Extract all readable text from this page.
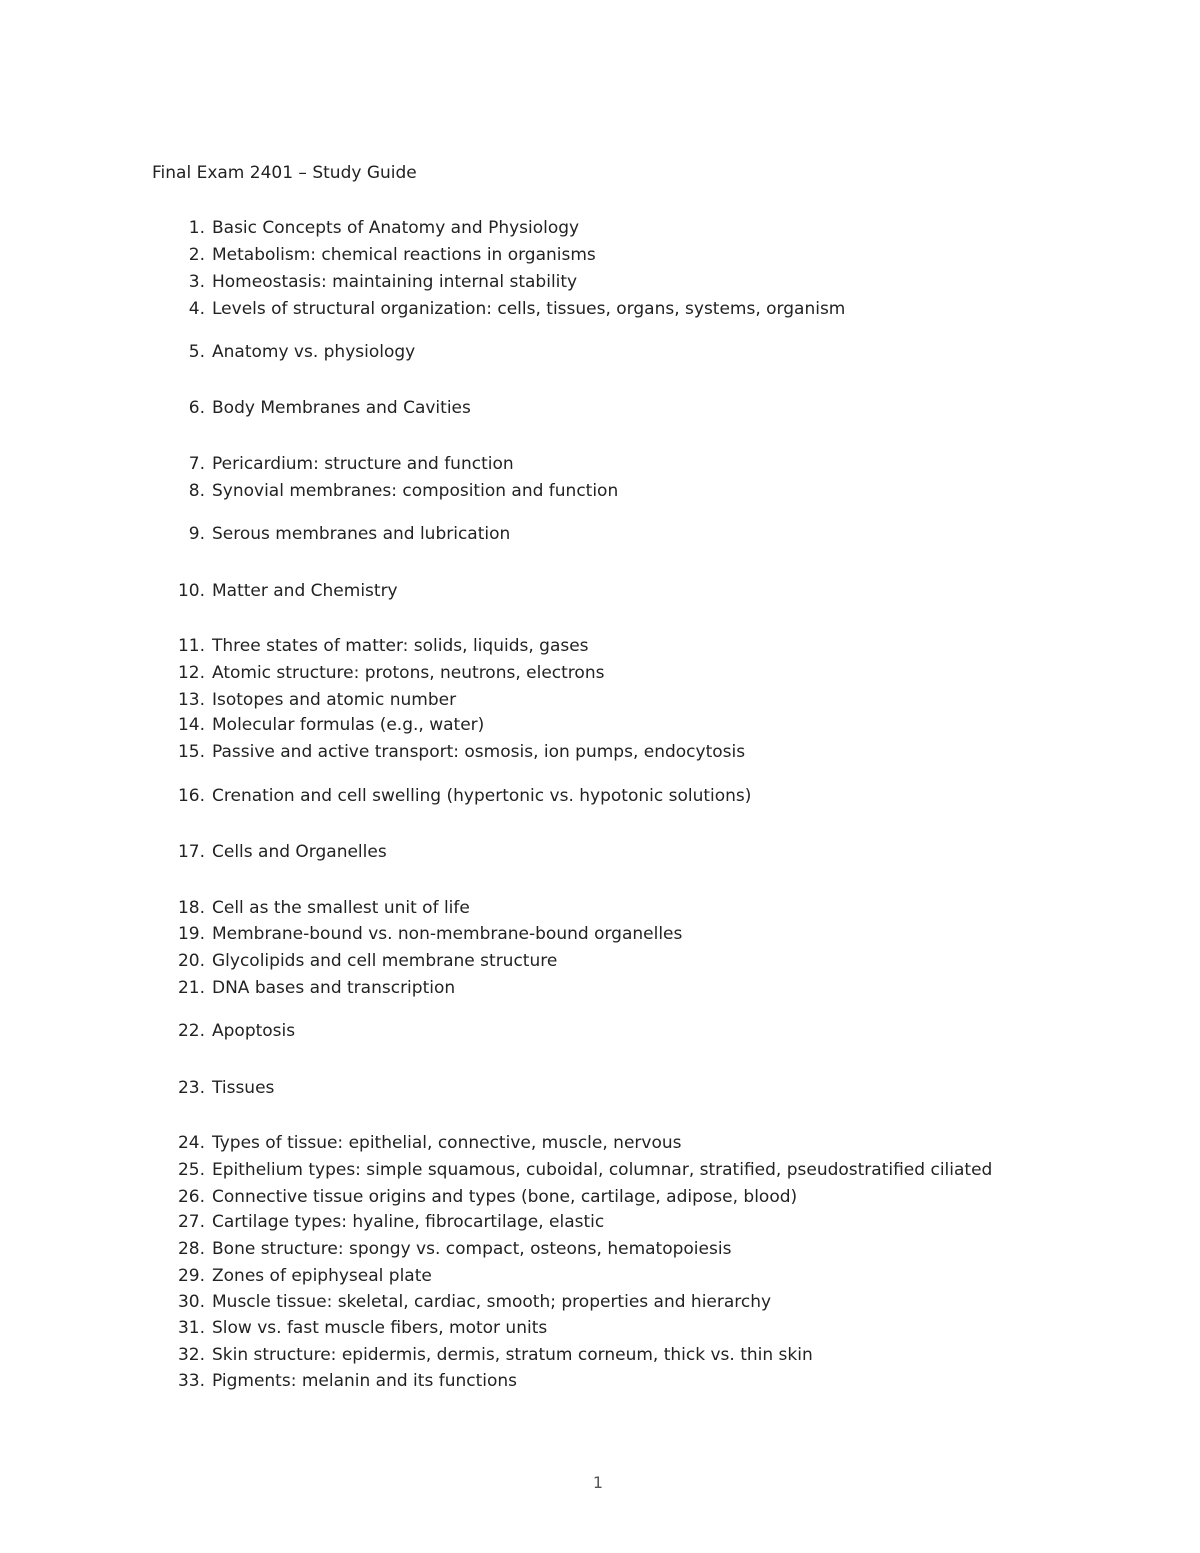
Final Exam 2401 – Study Guide
1. Basic Concepts of Anatomy and Physiology
2. Metabolism: chemical reactions in organisms
3. Homeostasis: maintaining internal stability
4. Levels of structural organization: cells, tissues, organs, systems, organism
5. Anatomy vs. physiology
6. Body Membranes and Cavities
7. Pericardium: structure and function
8. Synovial membranes: composition and function
9. Serous membranes and lubrication
10. Matter and Chemistry
11. Three states of matter: solids, liquids, gases
12. Atomic structure: protons, neutrons, electrons
13. Isotopes and atomic number
14. Molecular formulas (e.g., water)
15. Passive and active transport: osmosis, ion pumps, endocytosis
16. Crenation and cell swelling (hypertonic vs. hypotonic solutions)
17. Cells and Organelles
18. Cell as the smallest unit of life
19. Membrane-bound vs. non-membrane-bound organelles
20. Glycolipids and cell membrane structure
21. DNA bases and transcription
22. Apoptosis
23. Tissues
24. Types of tissue: epithelial, connective, muscle, nervous
25. Epithelium types: simple squamous, cuboidal, columnar, stratified, pseudostratified ciliated
26. Connective tissue origins and types (bone, cartilage, adipose, blood)
27. Cartilage types: hyaline, fibrocartilage, elastic
28. Bone structure: spongy vs. compact, osteons, hematopoiesis
29. Zones of epiphyseal plate
30. Muscle tissue: skeletal, cardiac, smooth; properties and hierarchy
31. Slow vs. fast muscle fibers, motor units
32. Skin structure: epidermis, dermis, stratum corneum, thick vs. thin skin
33. Pigments: melanin and its functions
1
